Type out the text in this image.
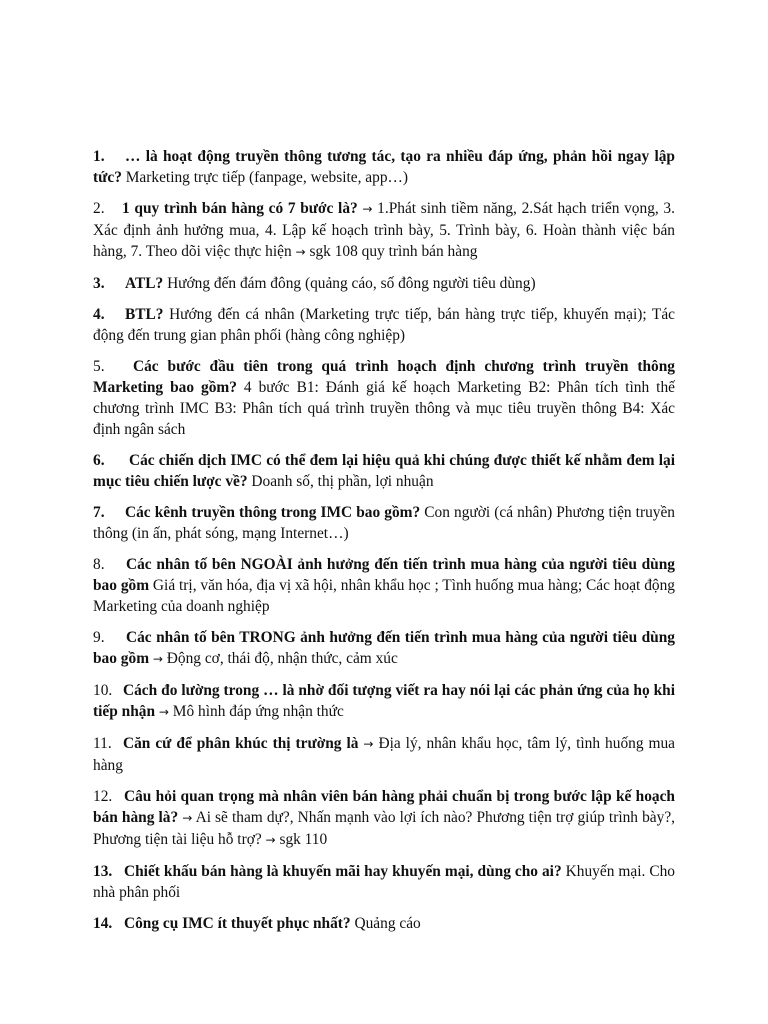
1. … là hoạt động truyền thông tương tác, tạo ra nhiều đáp ứng, phản hồi ngay lập tức? Marketing trực tiếp (fanpage, website, app…)
2. 1 quy trình bán hàng có 7 bước là? → 1.Phát sinh tiềm năng, 2.Sát hạch triển vọng, 3. Xác định ảnh hưởng mua, 4. Lập kế hoạch trình bày, 5. Trình bày, 6. Hoàn thành việc bán hàng, 7. Theo dõi việc thực hiện → sgk 108 quy trình bán hàng
3. ATL? Hướng đến đám đông (quảng cáo, số đông người tiêu dùng)
4. BTL? Hướng đến cá nhân (Marketing trực tiếp, bán hàng trực tiếp, khuyến mại); Tác động đến trung gian phân phối (hàng công nghiệp)
5. Các bước đầu tiên trong quá trình hoạch định chương trình truyền thông Marketing bao gồm? 4 bước B1: Đánh giá kế hoạch Marketing B2: Phân tích tình thế chương trình IMC B3: Phân tích quá trình truyền thông và mục tiêu truyền thông B4: Xác định ngân sách
6. Các chiến dịch IMC có thể đem lại hiệu quả khi chúng được thiết kế nhằm đem lại mục tiêu chiến lược về? Doanh số, thị phần, lợi nhuận
7. Các kênh truyền thông trong IMC bao gồm? Con người (cá nhân) Phương tiện truyền thông (in ấn, phát sóng, mạng Internet…)
8. Các nhân tố bên NGOÀI ảnh hưởng đến tiến trình mua hàng của người tiêu dùng bao gồm Giá trị, văn hóa, địa vị xã hội, nhân khẩu học ; Tình huống mua hàng; Các hoạt động Marketing của doanh nghiệp
9. Các nhân tố bên TRONG ảnh hưởng đến tiến trình mua hàng của người tiêu dùng bao gồm → Động cơ, thái độ, nhận thức, cảm xúc
10. Cách đo lường trong … là nhờ đối tượng viết ra hay nói lại các phản ứng của họ khi tiếp nhận → Mô hình đáp ứng nhận thức
11. Căn cứ để phân khúc thị trường là → Địa lý, nhân khẩu học, tâm lý, tình huống mua hàng
12. Câu hỏi quan trọng mà nhân viên bán hàng phải chuẩn bị trong bước lập kế hoạch bán hàng là? → Ai sẽ tham dự?, Nhấn mạnh vào lợi ích nào? Phương tiện trợ giúp trình bày?, Phương tiện tài liệu hỗ trợ? → sgk 110
13. Chiết khấu bán hàng là khuyến mãi hay khuyến mại, dùng cho ai? Khuyến mại. Cho nhà phân phối
14. Công cụ IMC ít thuyết phục nhất? Quảng cáo
